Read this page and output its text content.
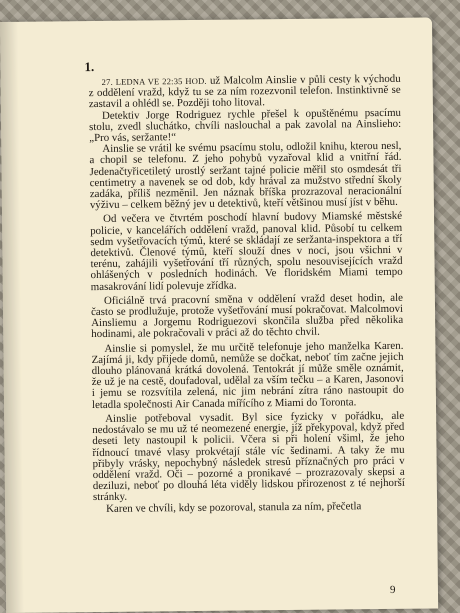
1.

27. LEDNA VE 22:35 HOD. už Malcolm Ainslie v půli cesty k východu z oddělení vražd, když tu se za ním rozezvonil telefon. Instinktivně se zastavil a ohlédl se. Později toho litoval.

Detektiv Jorge Rodriguez rychle přešel k opuštěnému psacímu stolu, zvedl sluchátko, chvíli naslouchal a pak zavolal na Ainslieho: „Pro vás, seržante!“

Ainslie se vrátil ke svému psacímu stolu, odložil knihu, kterou nesl, a chopil se telefonu. Z jeho pohybů vyzařoval klid a vnitřní řád. Jedenačtyřicetiletý urostlý seržant tajné policie měřil sto osmdesát tři centimetry a navenek se od dob, kdy hrával za mužstvo střední školy zadáka, příliš nezměnil. Jen náznak bříška prozrazoval neracionální výživu – celkem běžný jev u detektivů, kteří většinou musí jíst v běhu.

Od večera ve čtvrtém poschodí hlavní budovy Miamské městské policie, v kancelářích oddělení vražd, panoval klid. Působí tu celkem sedm vyšetřovacích týmů, které se skládají ze seržanta-inspektora a tří detektivů. Členové týmů, kteří slouží dnes v noci, jsou všichni v terénu, zahájili vyšetřování tří různých, spolu nesouvisejících vražd ohlášených v posledních hodinách. Ve floridském Miami tempo masakrování lidí polevuje zřídka.

Oficiálně trvá pracovní směna v oddělení vražd deset hodin, ale často se prodlužuje, protože vyšetřování musí pokračovat. Malcolmovi Ainsliemu a Jorgemu Rodriguezovi skončila služba před několika hodinami, ale pokračovali v práci až do těchto chvil.

Ainslie si pomyslel, že mu určitě telefonuje jeho manželka Karen. Zajímá ji, kdy přijede domů, nemůže se dočkat, neboť tím začne jejich dlouho plánovaná krátká dovolená. Tentokrát jí může směle oznámit, že už je na cestě, doufadoval, udělal za vším tečku – a Karen, Jasonovi i jemu se rozsvítila zelená, nic jim nebrání zítra ráno nastoupit do letadla společnosti Air Canada mířícího z Miami do Toronta.

Ainslie potřeboval vysadit. Byl sice fyzicky v pořádku, ale nedostávalo se mu už té neomezené energie, jíž překypoval, když před deseti lety nastoupil k policii. Včera si při holení všiml, že jeho řídnoucí tmavé vlasy prokvétají stále víc šedinami. A taky že mu přibyly vrásky, nepochybný následek stresů příznačných pro práci v oddělení vražd. Oči – pozorné a pronikavé – prozrazovaly skepsi a deziluzi, neboť po dlouhá léta viděly lidskou přirozenost z té nejhorší stránky.

Karen ve chvíli, kdy se pozoroval, stanula za ním, přečetla

9
